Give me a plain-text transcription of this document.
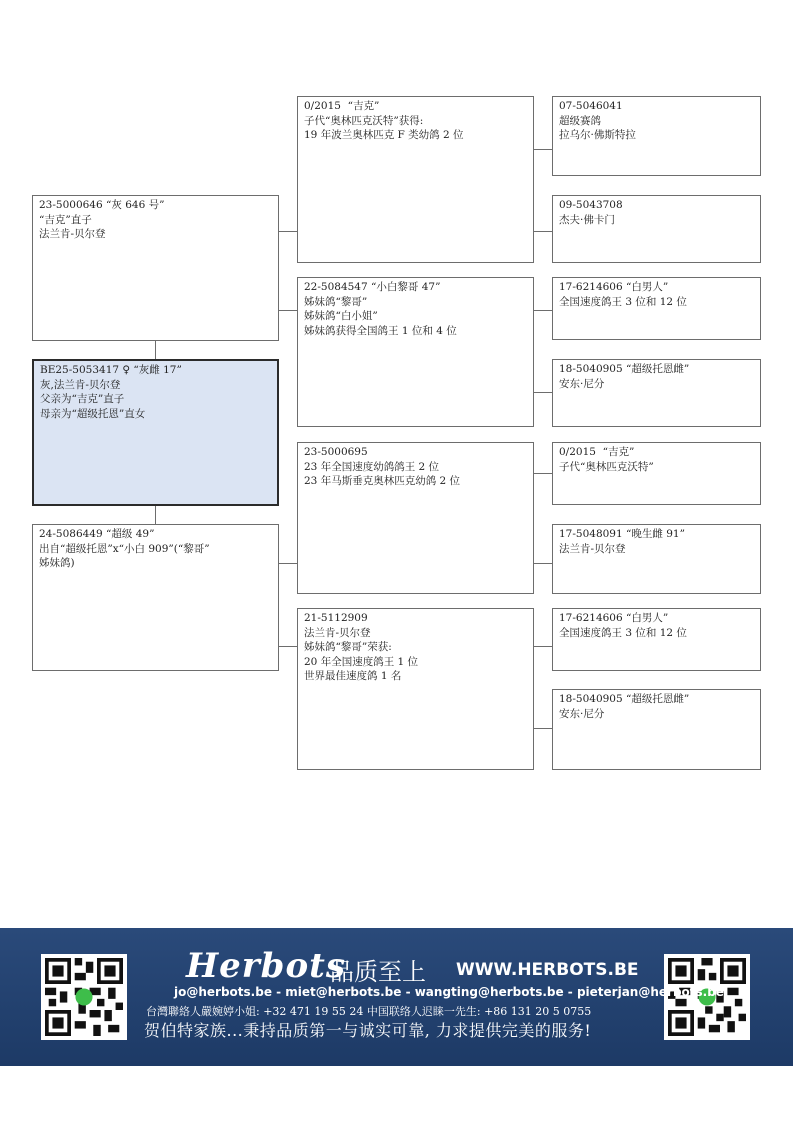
23-5000646 “灰 646 号”
“吉克”直子
法兰肯-贝尔登
BE25-5053417 ♀ “灰雌 17”
灰,法兰肯-贝尔登
父亲为“吉克”直子
母亲为“超级托恩”直女
24-5086449 “超级 49”
出自“超级托恩”x“小白 909”(“黎哥”
姊妹鸽)
0/2015  “吉克”
子代“奥林匹克沃特”获得:
19 年波兰奥林匹克 F 类幼鸽 2 位
22-5084547 “小白黎哥 47”
姊妹鸽“黎哥”
姊妹鸽“白小姐”
姊妹鸽获得全国鸽王 1 位和 4 位
23-5000695
23 年全国速度幼鸽鸽王 2 位
23 年马斯垂克奥林匹克幼鸽 2 位
21-5112909
法兰肯-贝尔登
姊妹鸽“黎哥”荣获:
20 年全国速度鸽王 1 位
世界最佳速度鸽 1 名
07-5046041
超级赛鸽
拉乌尔·佛斯特拉
09-5043708
杰夫·佛卡门
17-6214606 “白男人”
全国速度鸽王 3 位和 12 位
18-5040905 “超级托恩雌”
安东·尼分
0/2015  “吉克”
子代“奥林匹克沃特”
17-5048091 “晚生雌 91”
法兰肯-贝尔登
17-6214606 “白男人”
全国速度鸽王 3 位和 12 位
18-5040905 “超级托恩雌”
安东·尼分
Herbots
品质至上 WWW.HERBOTS.BE
jo@herbots.be - miet@herbots.be - wangting@herbots.be - pieterjan@herbots.be
台灣聯絡人嚴婉婷小姐: +32 471 19 55 24 中国联络人迟睐一先生: +86 131 20 5 0755
贺伯特家族...秉持品质第一与诚实可靠, 力求提供完美的服务!
